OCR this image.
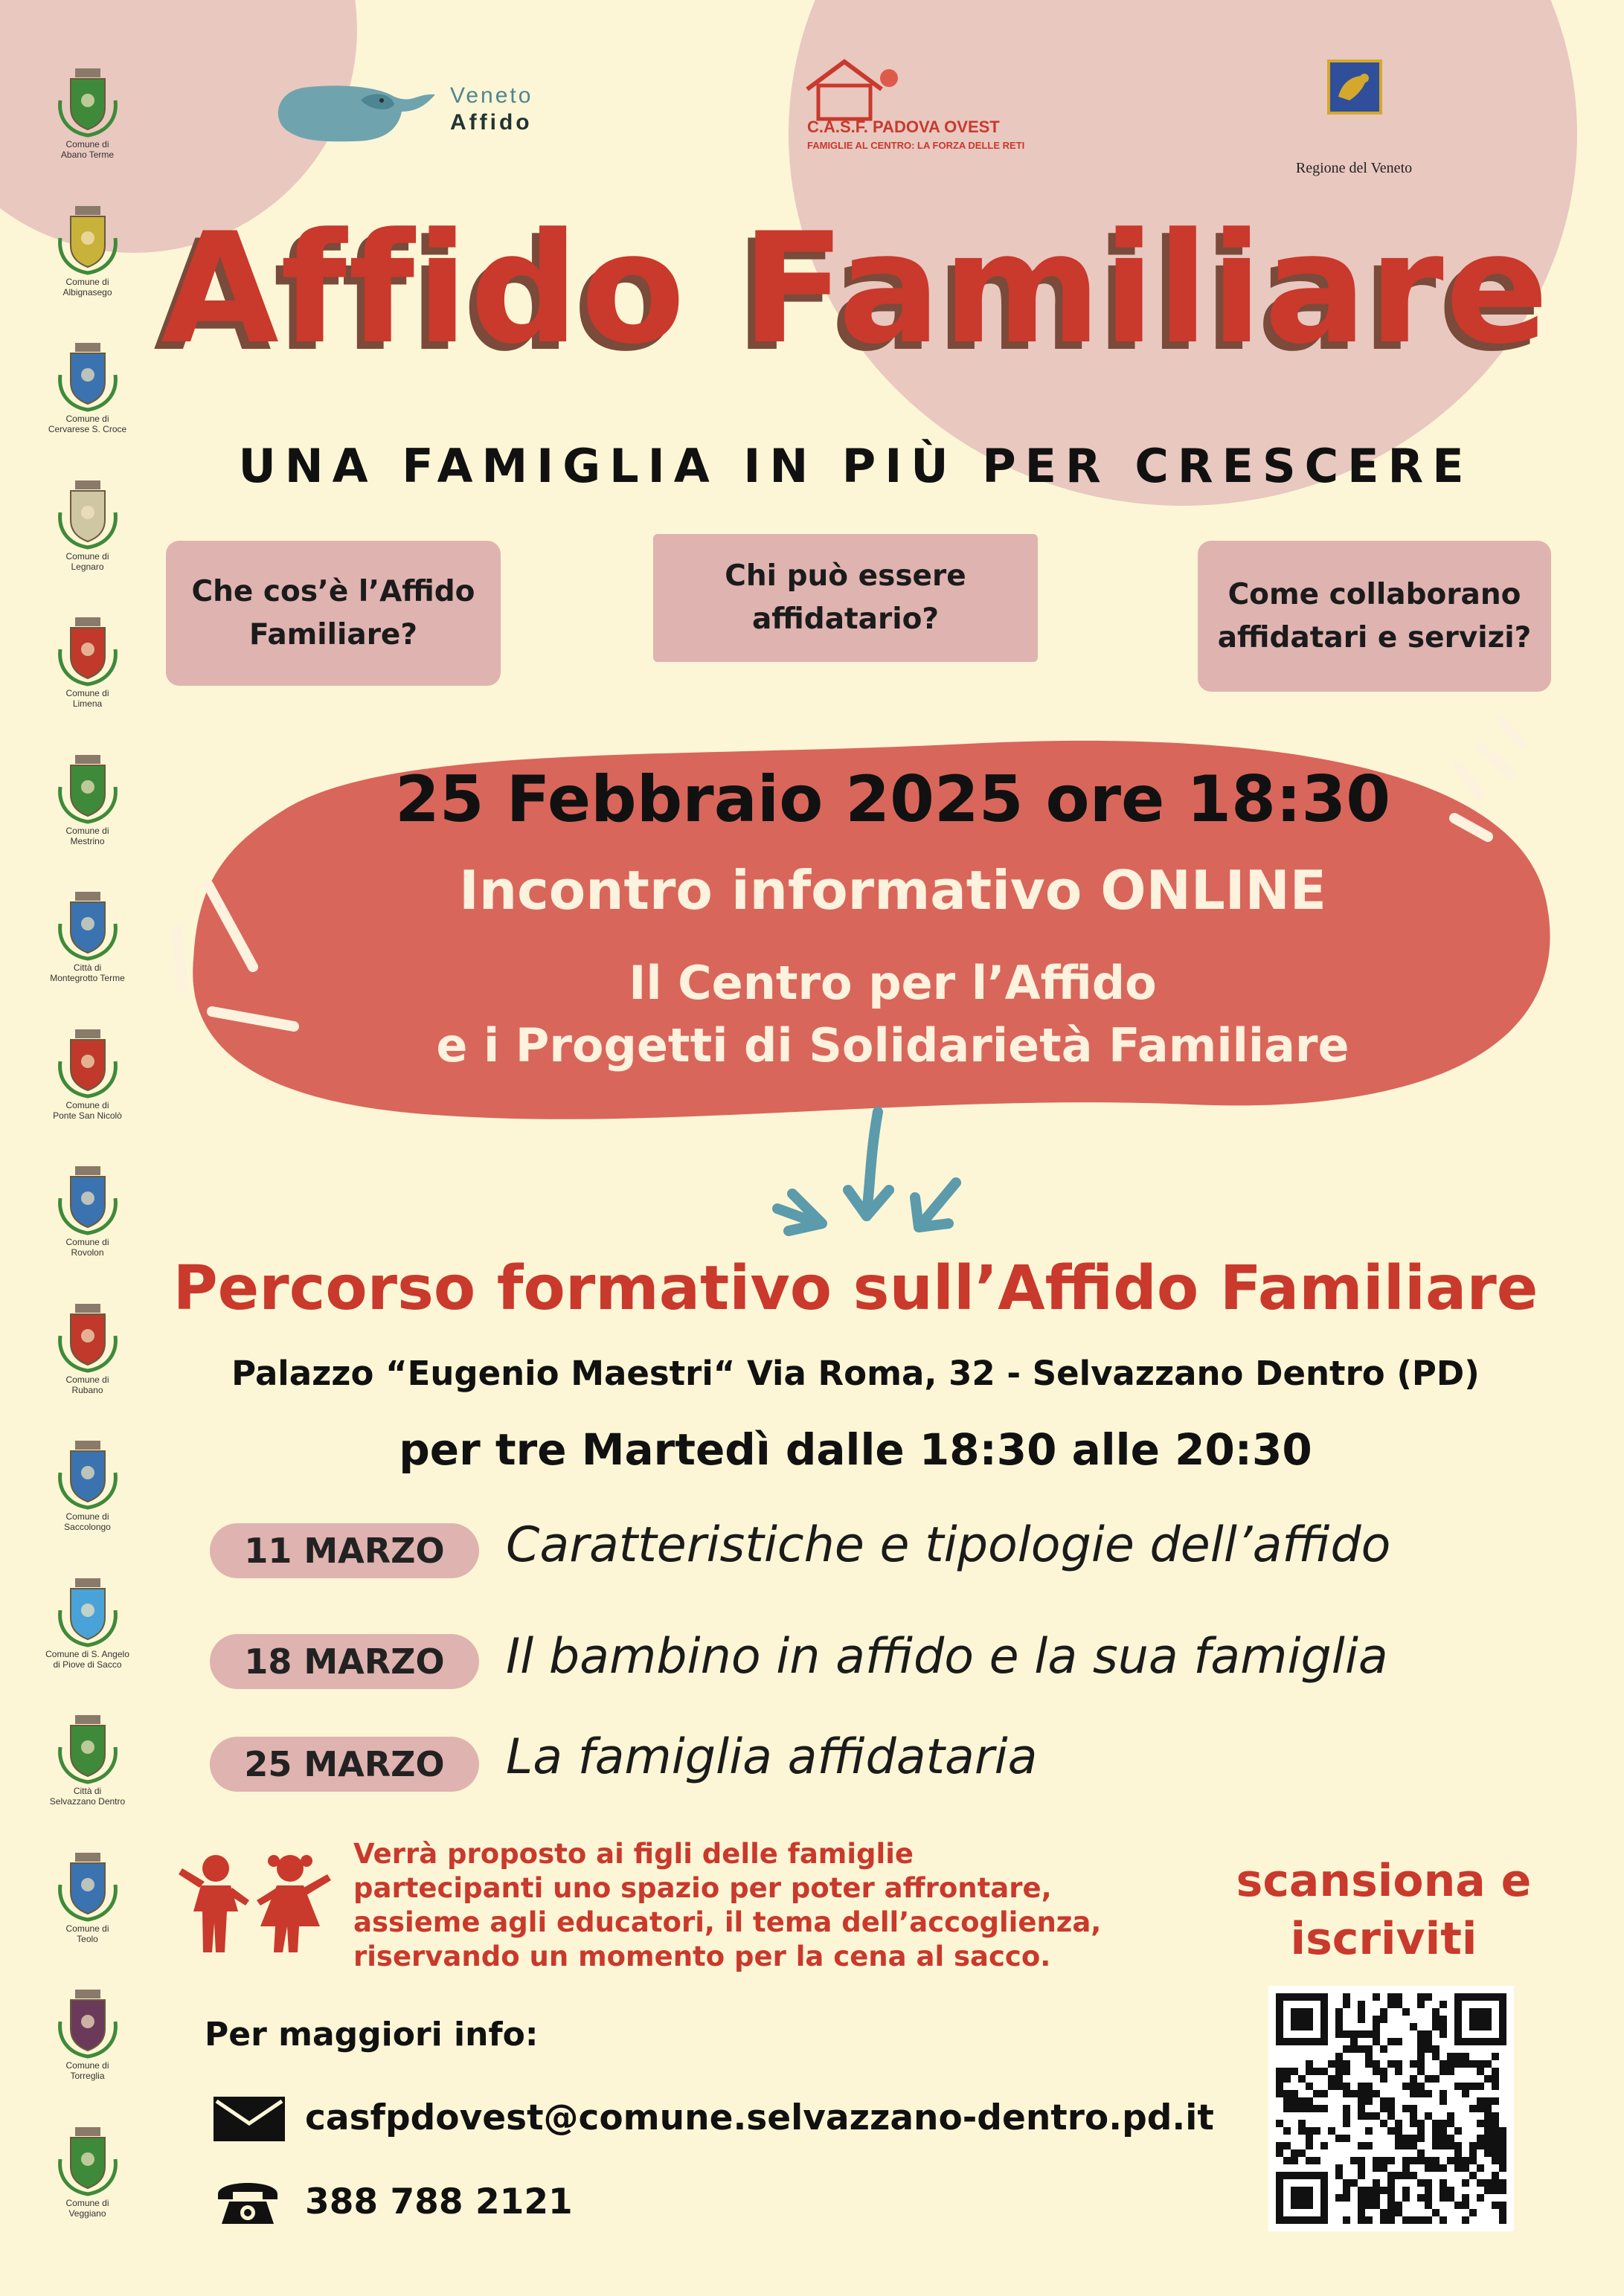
Comune di
Abano Terme
Comune di
Albignasego
Comune di
Cervarese S. Croce
Comune di
Legnaro
Comune di
Limena
Comune di
Mestrino
Città di
Montegrotto Terme
Comune di
Ponte San Nicolò
Comune di
Rovolon
Comune di
Rubano
Comune di
Saccolongo
Comune di S. Angelo
di Piove di Sacco
Città di
Selvazzano Dentro
Comune di
Teolo
Comune di
Torreglia
Comune di
Veggiano
Veneto
Affido	C.A.S.F. PADOVA OVEST
FAMIGLIE AL CENTRO: LA FORZA DELLE RETI
Regione del Veneto
Affido Familiare
UNA FAMIGLIA IN PIÙ PER CRESCERE
Che cos’è l’Affido
Familiare?
Chi può essere
affidatario?
Come collaborano
affidatari e servizi?
25 Febbraio 2025 ore 18:30
Incontro informativo ONLINE
Il Centro per l’Affido
e i Progetti di Solidarietà Familiare
Percorso formativo sull’Affido Familiare
Palazzo “Eugenio Maestri“ Via Roma, 32 - Selvazzano Dentro (PD)
per tre Martedì dalle 18:30 alle 20:30
11 MARZO	Caratteristiche e tipologie dell’affido
18 MARZO	Il bambino in affido e la sua famiglia
25 MARZO	La famiglia affidataria
Verrà proposto ai figli delle famiglie
partecipanti uno spazio per poter affrontare,
assieme agli educatori, il tema dell’accoglienza,
riservando un momento per la cena al sacco.
scansiona e
iscriviti
Per maggiori info:
casfpdovest@comune.selvazzano-dentro.pd.it
388 788 2121
